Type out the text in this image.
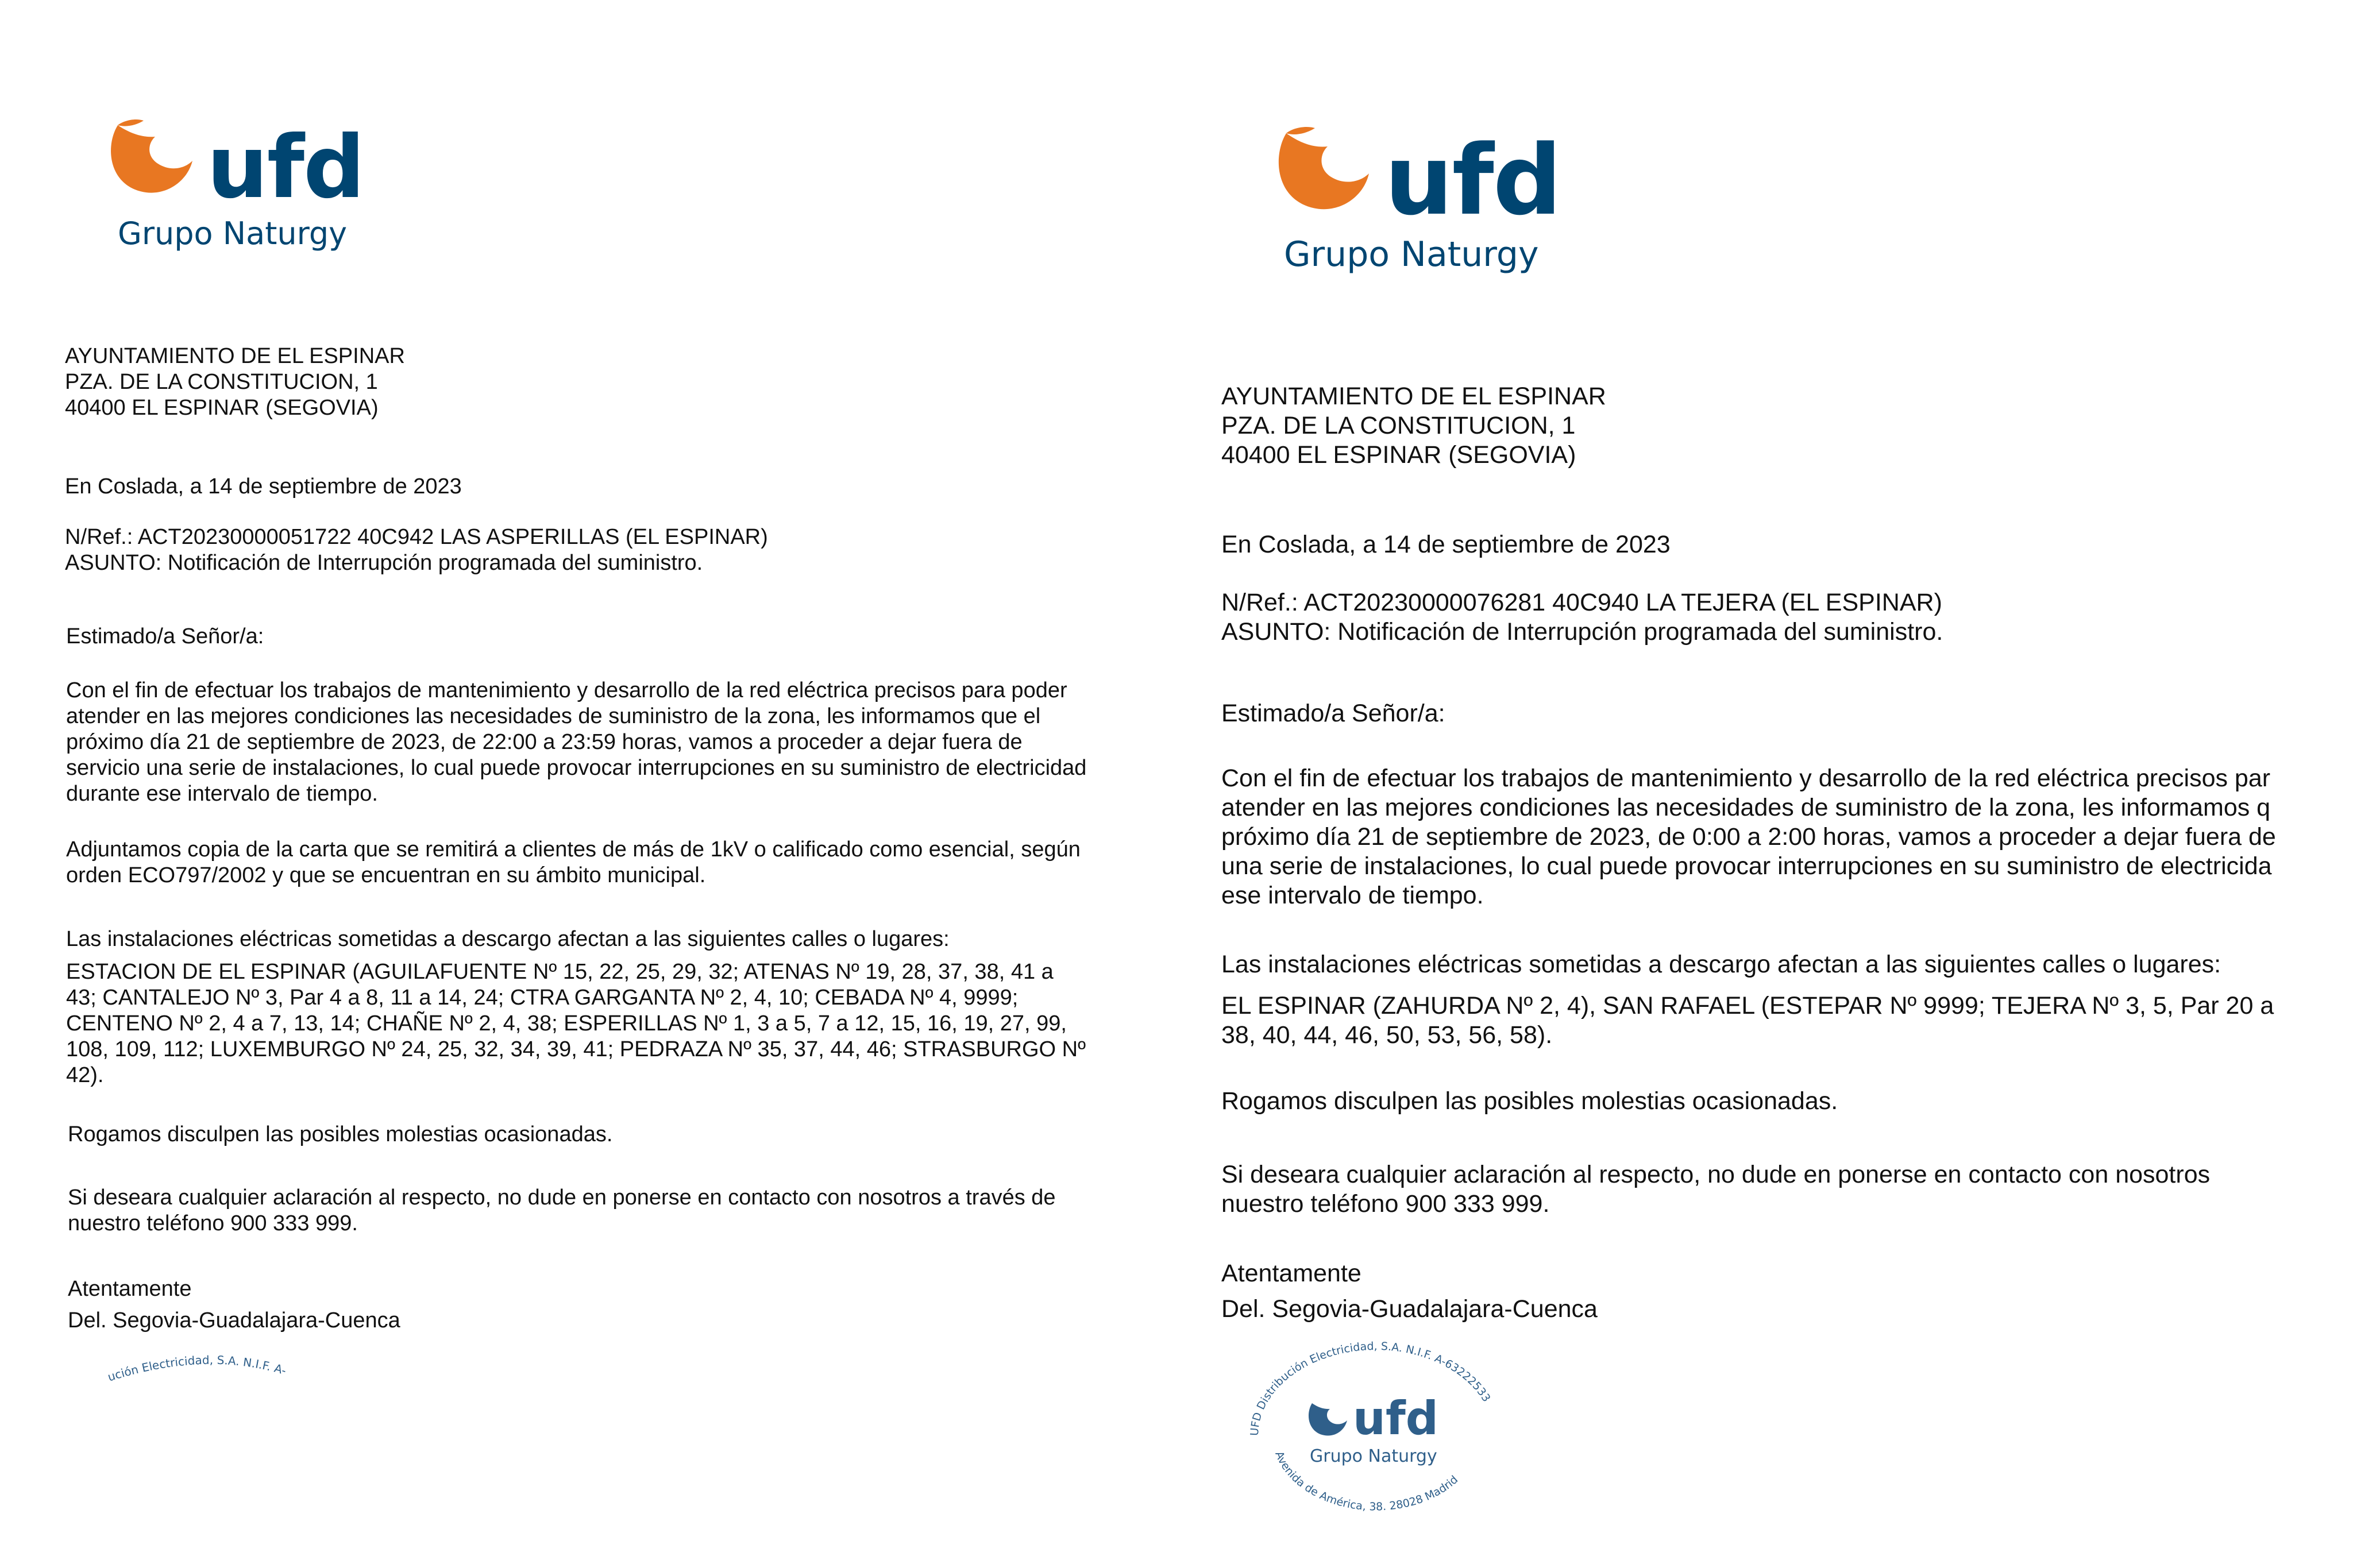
ufd
Grupo Naturgy
AYUNTAMIENTO DE EL ESPINAR
PZA. DE LA CONSTITUCION, 1
40400 EL ESPINAR (SEGOVIA)
En Coslada, a 14 de septiembre de 2023
N/Ref.: ACT20230000051722 40C942 LAS ASPERILLAS (EL ESPINAR)
ASUNTO: Notificación de Interrupción programada del suministro.
Estimado/a Señor/a:
Con el fin de efectuar los trabajos de mantenimiento y desarrollo de la red eléctrica precisos para poder
atender en las mejores condiciones las necesidades de suministro de la zona, les informamos que el
próximo día 21 de septiembre de 2023, de 22:00 a 23:59 horas, vamos a proceder a dejar fuera de
servicio una serie de instalaciones, lo cual puede provocar interrupciones en su suministro de electricidad
durante ese intervalo de tiempo.
Adjuntamos copia de la carta que se remitirá a clientes de más de 1kV o calificado como esencial, según
orden ECO797/2002 y que se encuentran en su ámbito municipal.
Las instalaciones eléctricas sometidas a descargo afectan a las siguientes calles o lugares:
ESTACION DE EL ESPINAR (AGUILAFUENTE Nº 15, 22, 25, 29, 32; ATENAS Nº 19, 28, 37, 38, 41 a
43; CANTALEJO Nº 3, Par 4 a 8, 11 a 14, 24; CTRA GARGANTA Nº 2, 4, 10; CEBADA Nº 4, 9999;
CENTENO Nº 2, 4 a 7, 13, 14; CHAÑE Nº 2, 4, 38; ESPERILLAS Nº 1, 3 a 5, 7 a 12, 15, 16, 19, 27, 99,
108, 109, 112; LUXEMBURGO Nº 24, 25, 32, 34, 39, 41; PEDRAZA Nº 35, 37, 44, 46; STRASBURGO Nº
42).
Rogamos disculpen las posibles molestias ocasionadas.
Si deseara cualquier aclaración al respecto, no dude en ponerse en contacto con nosotros a través de
nuestro teléfono 900 333 999.
Atentamente
Del. Segovia-Guadalajara-Cuenca
ución Electricidad, S.A. N.I.F. A-
ufd
Grupo Naturgy
AYUNTAMIENTO DE EL ESPINAR
PZA. DE LA CONSTITUCION, 1
40400 EL ESPINAR (SEGOVIA)
En Coslada, a 14 de septiembre de 2023
N/Ref.: ACT20230000076281 40C940 LA TEJERA (EL ESPINAR)
ASUNTO: Notificación de Interrupción programada del suministro.
Estimado/a Señor/a:
Con el fin de efectuar los trabajos de mantenimiento y desarrollo de la red eléctrica precisos par
atender en las mejores condiciones las necesidades de suministro de la zona, les informamos q
próximo día 21 de septiembre de 2023, de 0:00 a 2:00 horas, vamos a proceder a dejar fuera de
una serie de instalaciones, lo cual puede provocar interrupciones en su suministro de electricida
ese intervalo de tiempo.
Las instalaciones eléctricas sometidas a descargo afectan a las siguientes calles o lugares:
EL ESPINAR (ZAHURDA Nº 2, 4), SAN RAFAEL (ESTEPAR Nº 9999; TEJERA Nº 3, 5, Par 20 a
38, 40, 44, 46, 50, 53, 56, 58).
Rogamos disculpen las posibles molestias ocasionadas.
Si deseara cualquier aclaración al respecto, no dude en ponerse en contacto con nosotros
nuestro teléfono 900 333 999.
Atentamente
Del. Segovia-Guadalajara-Cuenca
UFD Distribución Electricidad, S.A. N.I.F. A-63222533
Avenida de América, 38. 28028 Madrid
ufd
Grupo Naturgy
